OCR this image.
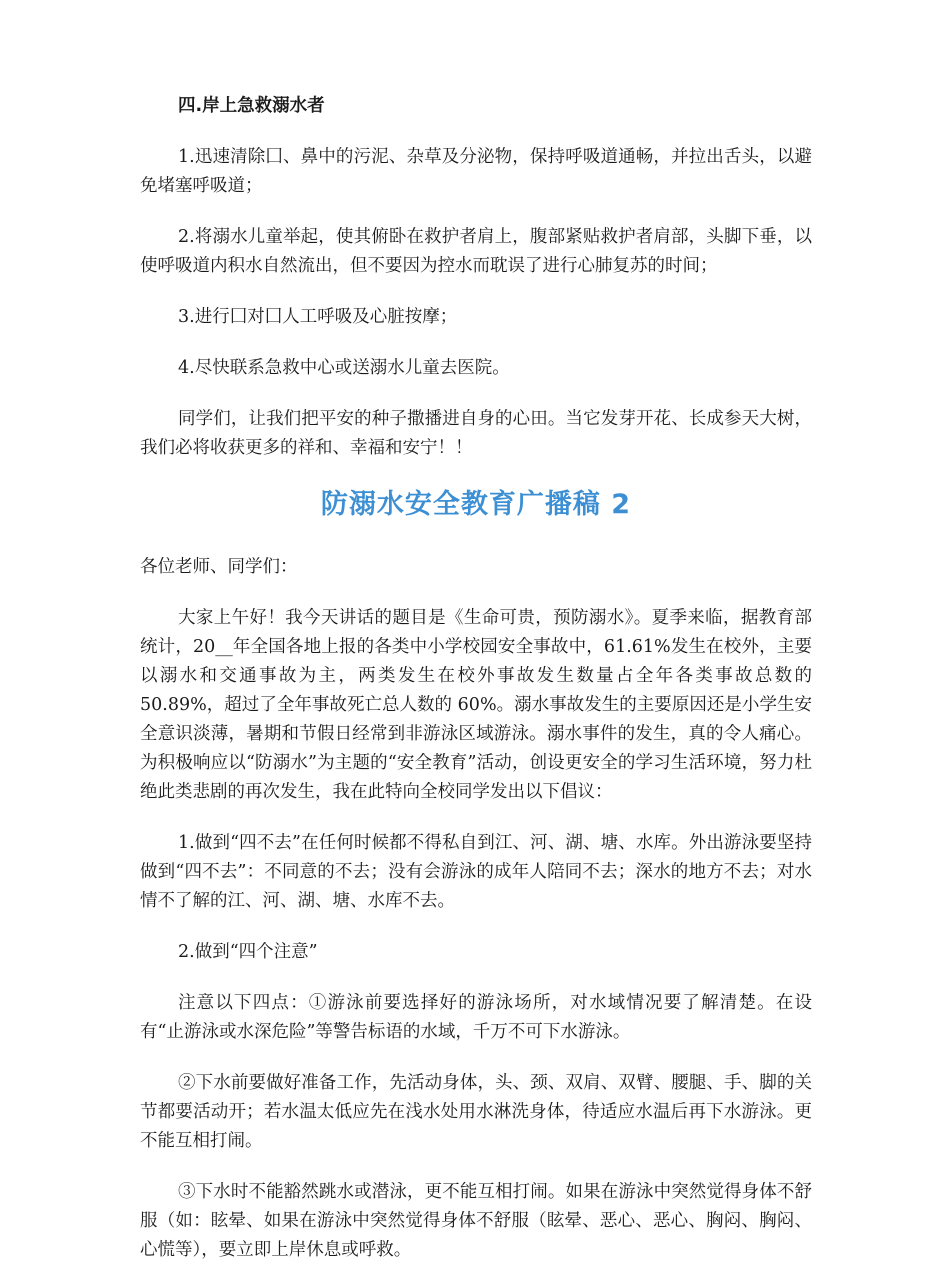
四.岸上急救溺水者

1.迅速清除囗、鼻中的污泥、杂草及分泌物，保持呼吸道通畅，并拉出舌头，以避免堵塞呼吸道；

2.将溺水儿童举起，使其俯卧在救护者肩上，腹部紧贴救护者肩部，头脚下垂，以使呼吸道内积水自然流出，但不要因为控水而耽误了进行心肺复苏的时间；

3.进行囗对囗人工呼吸及心脏按摩；

4.尽快联系急救中心或送溺水儿童去医院。

同学们，让我们把平安的种子撒播进自身的心田。当它发芽开花、长成参天大树，我们必将收获更多的祥和、幸福和安宁！！

防溺水安全教育广播稿 2

各位老师、同学们：

大家上午好！我今天讲话的题目是《生命可贵，预防溺水》。夏季来临，据教育部统计，20__年全国各地上报的各类中小学校园安全事故中，61.61%发生在校外，主要以溺水和交通事故为主，两类发生在校外事故发生数量占全年各类事故总数的 50.89%，超过了全年事故死亡总人数的 60%。溺水事故发生的主要原因还是小学生安全意识淡薄，暑期和节假日经常到非游泳区域游泳。溺水事件的发生，真的令人痛心。为积极响应以“防溺水”为主题的“安全教育”活动，创设更安全的学习生活环境，努力杜绝此类悲剧的再次发生，我在此特向全校同学发出以下倡议：

1.做到“四不去”在任何时候都不得私自到江、河、湖、塘、水库。外出游泳要坚持做到“四不去”：不同意的不去；没有会游泳的成年人陪同不去；深水的地方不去；对水情不了解的江、河、湖、塘、水库不去。

2.做到“四个注意”

注意以下四点：①游泳前要选择好的游泳场所，对水域情况要了解清楚。在设有“止游泳或水深危险”等警告标语的水域，千万不可下水游泳。

②下水前要做好准备工作，先活动身体，头、颈、双肩、双臂、腰腿、手、脚的关节都要活动开；若水温太低应先在浅水处用水淋洗身体，待适应水温后再下水游泳。更不能互相打闹。

③下水时不能豁然跳水或潜泳，更不能互相打闹。如果在游泳中突然觉得身体不舒服（如：眩晕、如果在游泳中突然觉得身体不舒服（眩晕、恶心、恶心、胸闷、胸闷、心慌等），要立即上岸休息或呼救。
